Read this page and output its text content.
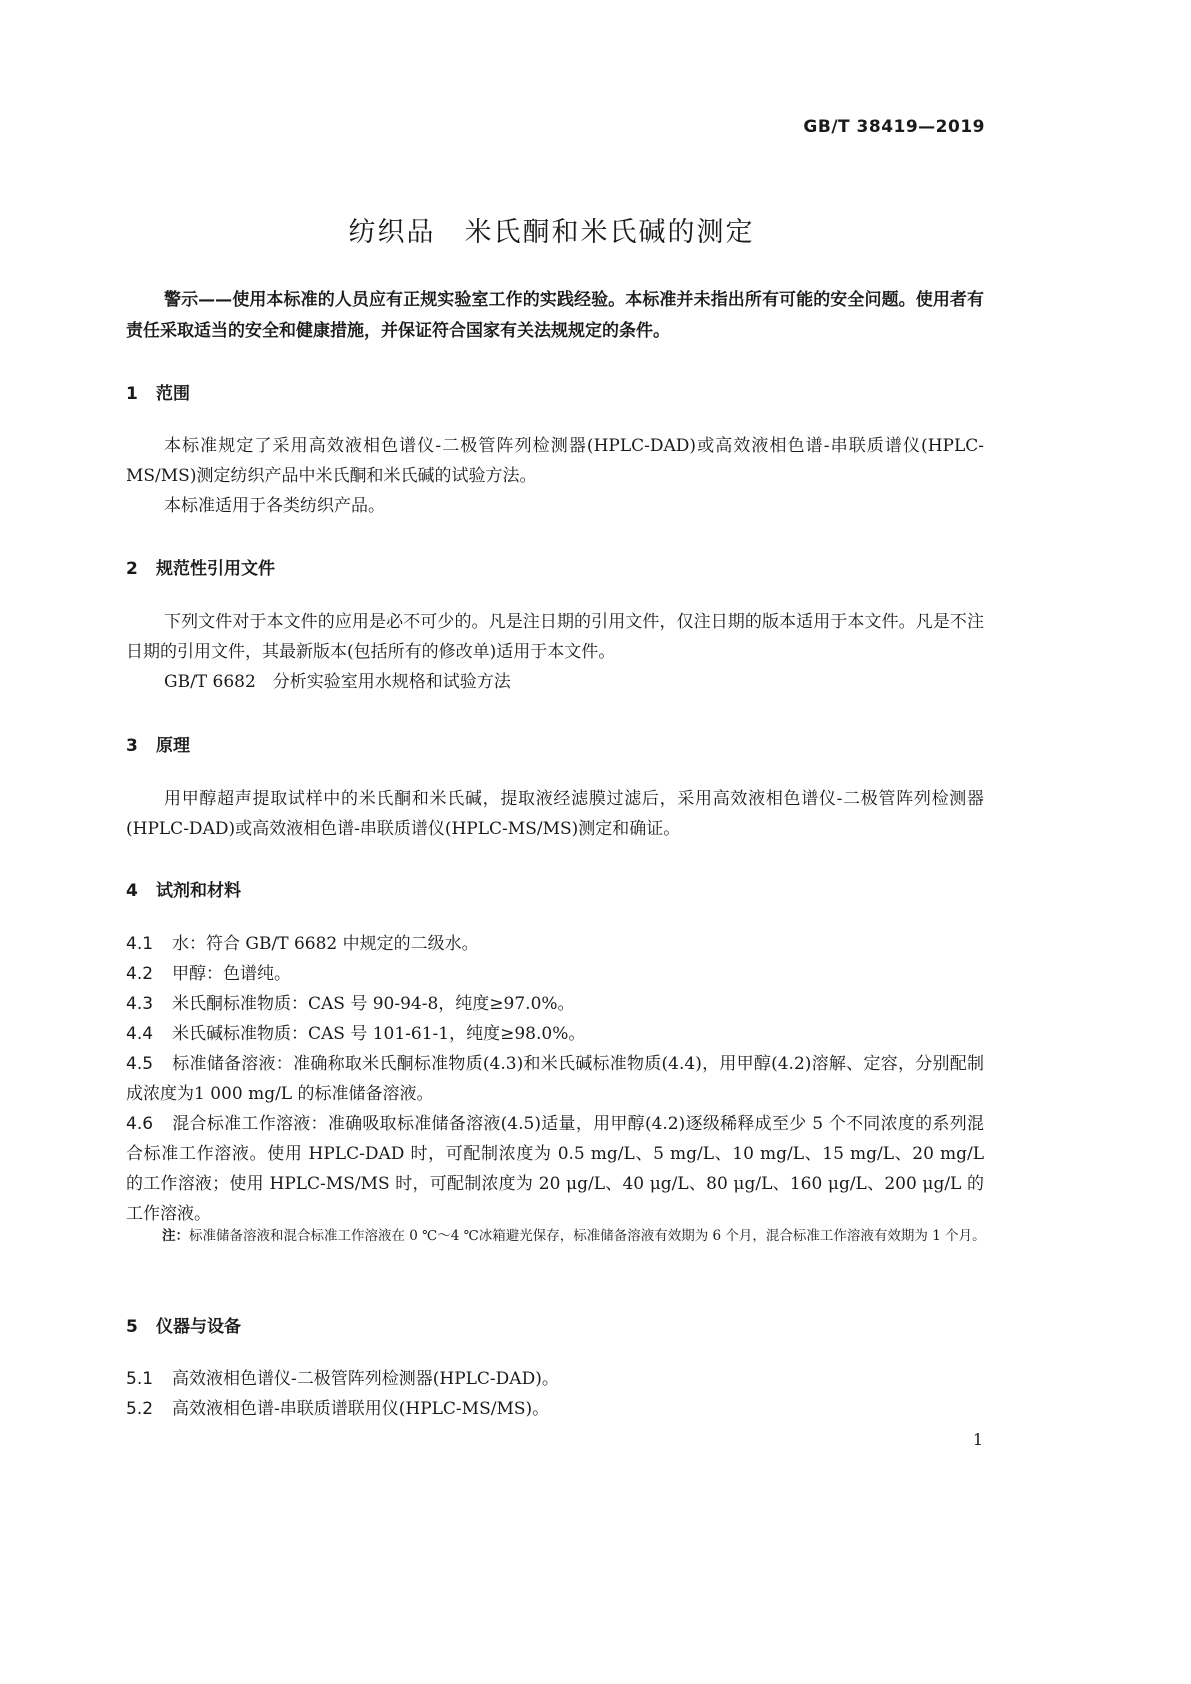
GB/T 38419—2019
纺织品　米氏酮和米氏碱的测定
警示——使用本标准的人员应有正规实验室工作的实践经验。本标准并未指出所有可能的安全问题。使用者有责任采取适当的安全和健康措施，并保证符合国家有关法规规定的条件。
1 范围
本标准规定了采用高效液相色谱仪-二极管阵列检测器(HPLC-DAD)或高效液相色谱-串联质谱仪(HPLC-MS/MS)测定纺织产品中米氏酮和米氏碱的试验方法。
本标准适用于各类纺织产品。
2 规范性引用文件
下列文件对于本文件的应用是必不可少的。凡是注日期的引用文件，仅注日期的版本适用于本文件。凡是不注日期的引用文件，其最新版本(包括所有的修改单)适用于本文件。
GB/T 6682　分析实验室用水规格和试验方法
3 原理
用甲醇超声提取试样中的米氏酮和米氏碱，提取液经滤膜过滤后，采用高效液相色谱仪-二极管阵列检测器(HPLC-DAD)或高效液相色谱-串联质谱仪(HPLC-MS/MS)测定和确证。
4 试剂和材料
4.1 水：符合 GB/T 6682 中规定的二级水。
4.2 甲醇：色谱纯。
4.3 米氏酮标准物质：CAS 号 90-94-8，纯度≥97.0%。
4.4 米氏碱标准物质：CAS 号 101-61-1，纯度≥98.0%。
4.5 标准储备溶液：准确称取米氏酮标准物质(4.3)和米氏碱标准物质(4.4)，用甲醇(4.2)溶解、定容，分别配制成浓度为1 000 mg/L 的标准储备溶液。
4.6 混合标准工作溶液：准确吸取标准储备溶液(4.5)适量，用甲醇(4.2)逐级稀释成至少 5 个不同浓度的系列混合标准工作溶液。使用 HPLC-DAD 时，可配制浓度为 0.5 mg/L、5 mg/L、10 mg/L、15 mg/L、20 mg/L 的工作溶液；使用 HPLC-MS/MS 时，可配制浓度为 20 μg/L、40 μg/L、80 μg/L、160 μg/L、200 μg/L 的工作溶液。
注：标准储备溶液和混合标准工作溶液在 0 ℃～4 ℃冰箱避光保存，标准储备溶液有效期为 6 个月，混合标准工作溶液有效期为 1 个月。
5 仪器与设备
5.1 高效液相色谱仪-二极管阵列检测器(HPLC-DAD)。
5.2 高效液相色谱-串联质谱联用仪(HPLC-MS/MS)。
1
